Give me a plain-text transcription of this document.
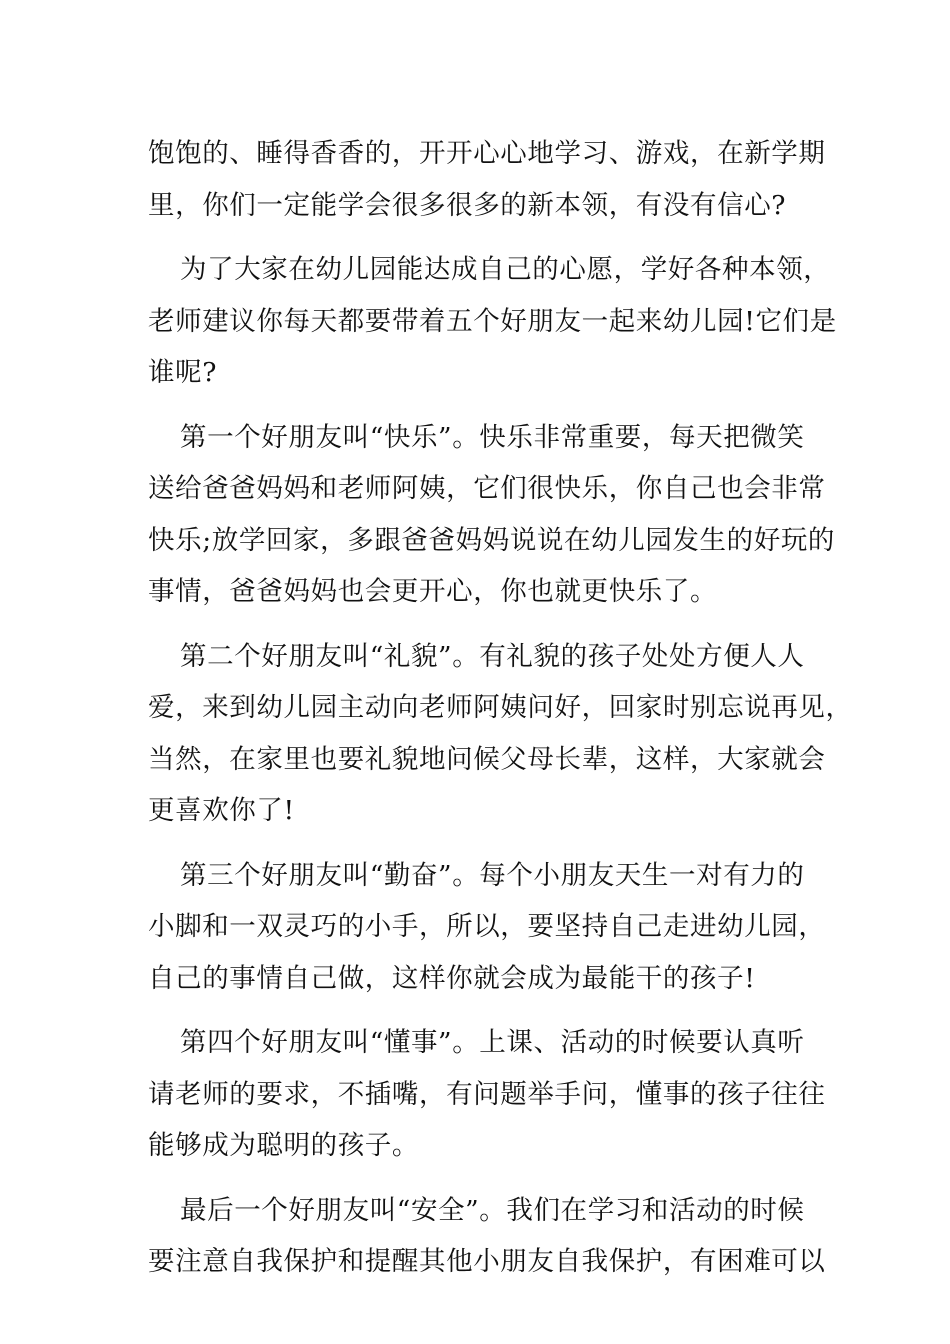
饱饱的、睡得香香的，开开心心地学习、游戏，在新学期
里，你们一定能学会很多很多的新本领，有没有信心?

为了大家在幼儿园能达成自己的心愿，学好各种本领，
老师建议你每天都要带着五个好朋友一起来幼儿园!它们是
谁呢?

第一个好朋友叫“快乐”。快乐非常重要，每天把微笑
送给爸爸妈妈和老师阿姨，它们很快乐，你自己也会非常
快乐;放学回家，多跟爸爸妈妈说说在幼儿园发生的好玩的
事情，爸爸妈妈也会更开心，你也就更快乐了。

第二个好朋友叫“礼貌”。有礼貌的孩子处处方便人人
爱，来到幼儿园主动向老师阿姨问好，回家时别忘说再见，
当然，在家里也要礼貌地问候父母长辈，这样，大家就会
更喜欢你了!

第三个好朋友叫“勤奋”。每个小朋友天生一对有力的
小脚和一双灵巧的小手，所以，要坚持自己走进幼儿园，
自己的事情自己做，这样你就会成为最能干的孩子!

第四个好朋友叫“懂事”。上课、活动的时候要认真听
请老师的要求，不插嘴，有问题举手问，懂事的孩子往往
能够成为聪明的孩子。

最后一个好朋友叫“安全”。我们在学习和活动的时候
要注意自我保护和提醒其他小朋友自我保护，有困难可以
